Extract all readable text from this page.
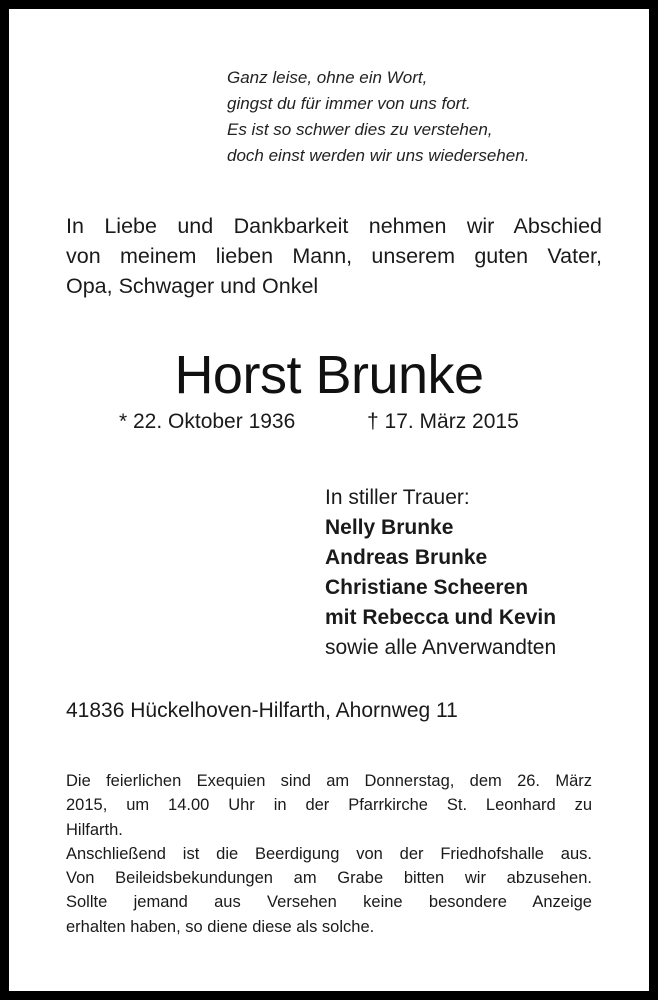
Ganz leise, ohne ein Wort,
gingst du für immer von uns fort.
Es ist so schwer dies zu verstehen,
doch einst werden wir uns wiedersehen.
In Liebe und Dankbarkeit nehmen wir Abschied
von meinem lieben Mann, unserem guten Vater,
Opa, Schwager und Onkel
Horst Brunke
* 22. Oktober 1936	† 17. März 2015
In stiller Trauer:
Nelly Brunke
Andreas Brunke
Christiane Scheeren
mit Rebecca und Kevin
sowie alle Anverwandten
41836 Hückelhoven-Hilfarth, Ahornweg 11
Die feierlichen Exequien sind am Donnerstag, dem 26. März
2015, um 14.00 Uhr in der Pfarrkirche St. Leonhard zu
Hilfarth.
Anschließend ist die Beerdigung von der Friedhofshalle aus.
Von Beileidsbekundungen am Grabe bitten wir abzusehen.
Sollte jemand aus Versehen keine besondere Anzeige
erhalten haben, so diene diese als solche.
